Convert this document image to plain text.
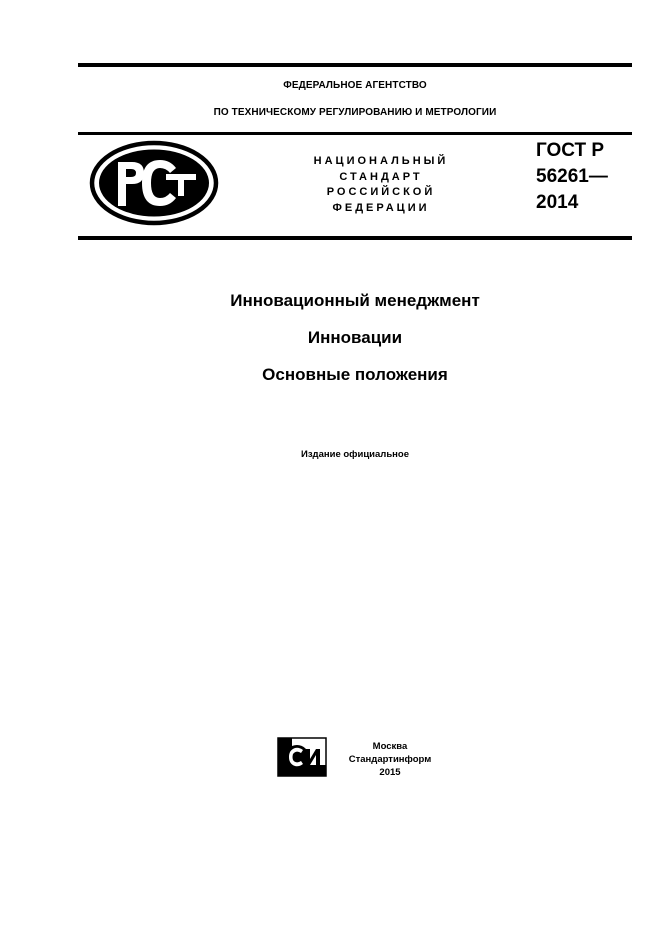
ФЕДЕРАЛЬНОЕ АГЕНТСТВО
ПО ТЕХНИЧЕСКОМУ РЕГУЛИРОВАНИЮ И МЕТРОЛОГИИ
НАЦИОНАЛЬНЫЙ
СТАНДАРТ
РОССИЙСКОЙ
ФЕДЕРАЦИИ
ГОСТ Р
56261—
2014
Инновационный менеджмент
Инновации
Основные положения
Издание официальное
Москва
Стандартинформ
2015
